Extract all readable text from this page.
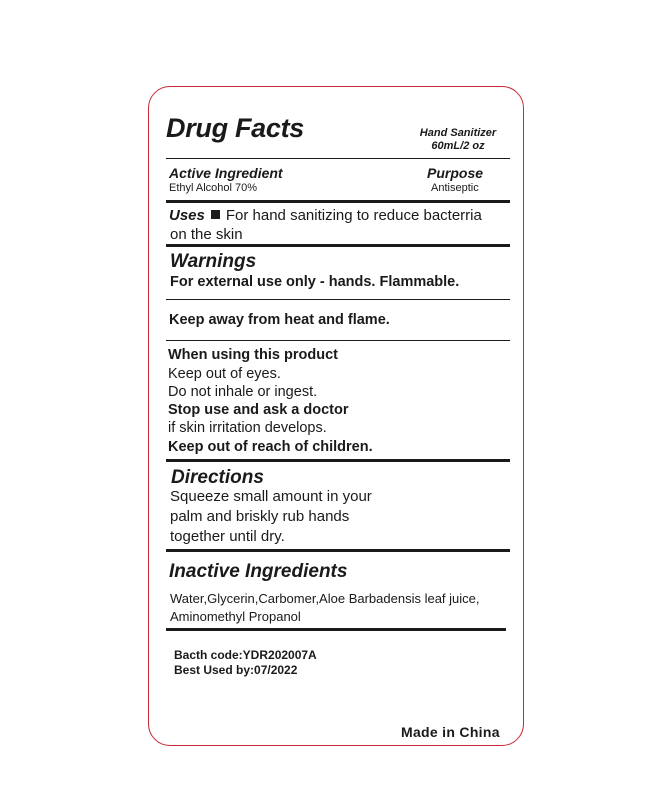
Drug Facts	Hand Sanitizer
60mL/2 oz
Active Ingredient
Ethyl Alcohol 70%
Purpose
Antiseptic
Uses For hand sanitizing to reduce bacterria
on the skin
Warnings
For external use only - hands. Flammable.
Keep away from heat and flame.
When using this product
Keep out of eyes.
Do not inhale or ingest.
Stop use and ask a doctor
if skin irritation develops.
Keep out of reach of children.
Directions
Squeeze small amount in your
palm and briskly rub hands
together until dry.
Inactive Ingredients
Water,Glycerin,Carbomer,Aloe Barbadensis leaf juice,
Aminomethyl Propanol
Bacth code:YDR202007A
Best Used by:07/2022
Made in China
